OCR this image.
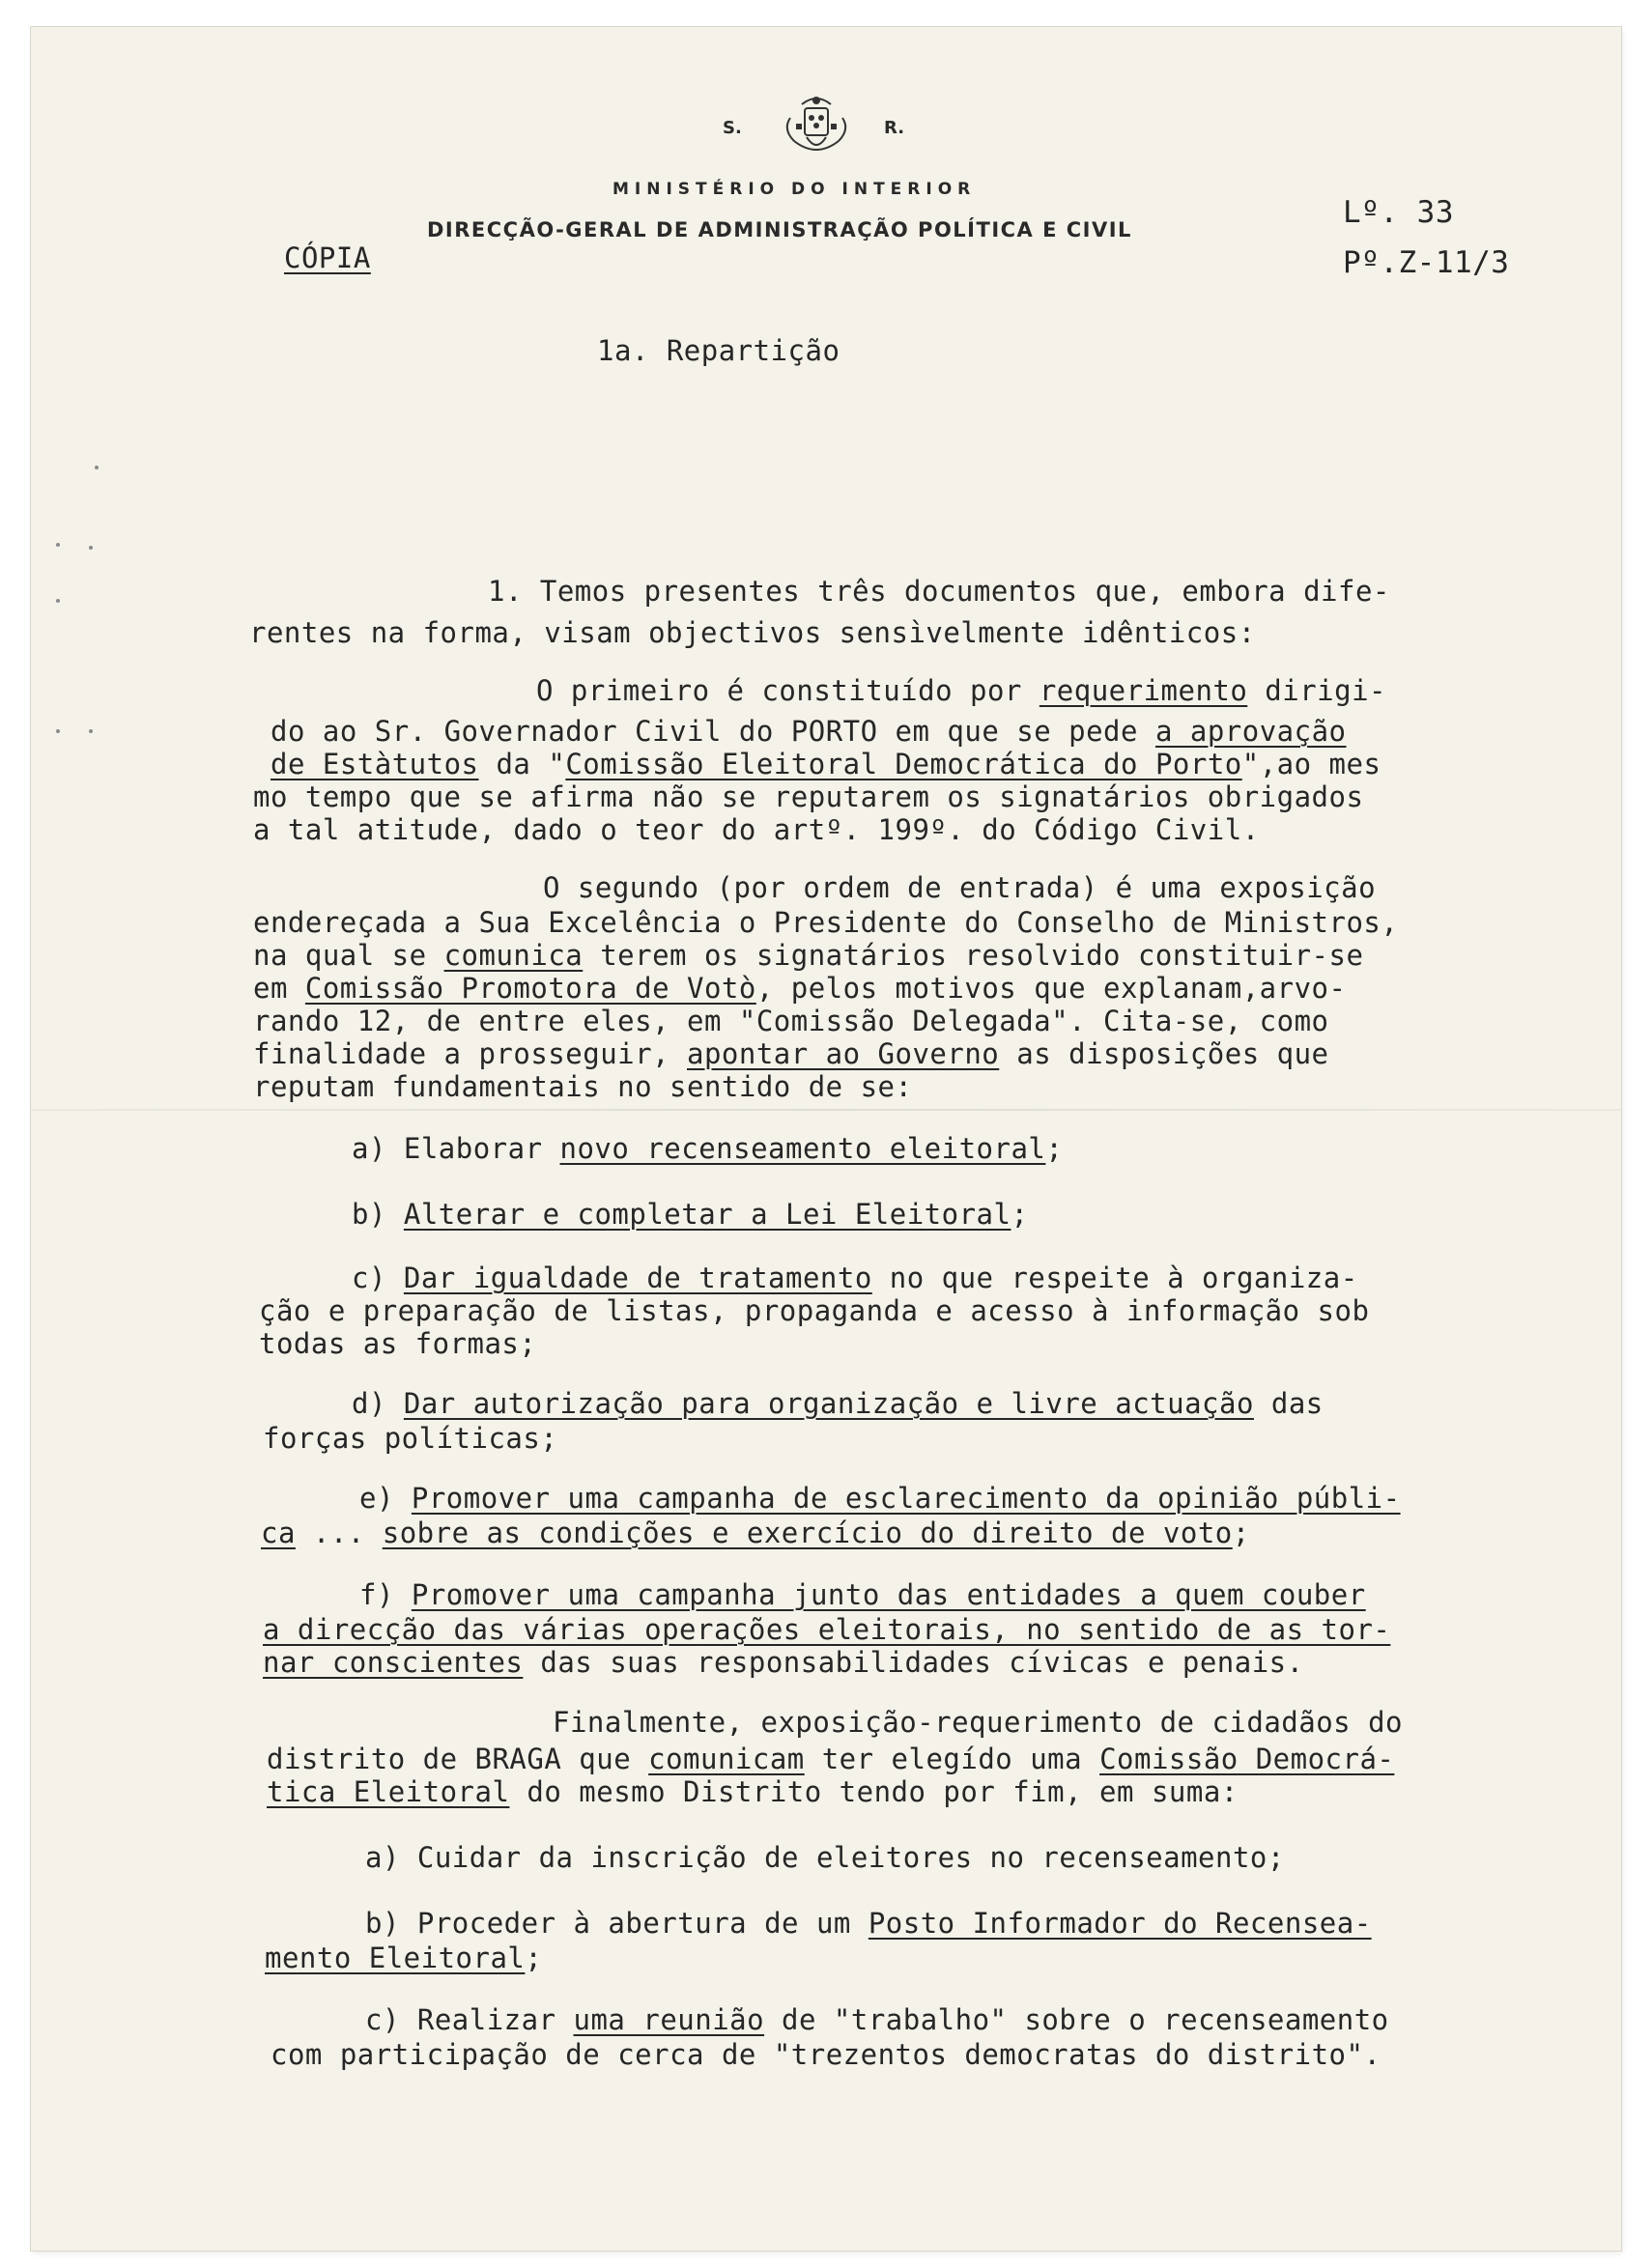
S.	R.
MINISTÉRIO DO INTERIOR
DIRECÇÃO-GERAL DE ADMINISTRAÇÃO POLÍTICA E CIVIL
CÓPIA
Lº. 33
Pº.Z-11/3
1a. Repartição
1. Temos presentes três documentos que, embora dife-
rentes na forma, visam objectivos sensìvelmente idênticos:
O primeiro é constituído por requerimento dirigi-
do ao Sr. Governador Civil do PORTO em que se pede a aprovação
de Estàtutos da "Comissão Eleitoral Democrática do Porto",ao mes
mo tempo que se afirma não se reputarem os signatários obrigados
a tal atitude, dado o teor do artº. 199º. do Código Civil.
O segundo (por ordem de entrada) é uma exposição
endereçada a Sua Excelência o Presidente do Conselho de Ministros,
na qual se comunica terem os signatários resolvido constituir-se
em Comissão Promotora de Votò, pelos motivos que explanam,arvo-
rando 12, de entre eles, em "Comissão Delegada". Cita-se, como
finalidade a prosseguir, apontar ao Governo as disposições que
reputam fundamentais no sentido de se:
a) Elaborar novo recenseamento eleitoral;
b) Alterar e completar a Lei Eleitoral;
c) Dar igualdade de tratamento no que respeite à organiza-
ção e preparação de listas, propaganda e acesso à informação sob
todas as formas;
d) Dar autorização para organização e livre actuação das
forças políticas;
e) Promover uma campanha de esclarecimento da opinião públi-
ca ... sobre as condições e exercício do direito de voto;
f) Promover uma campanha junto das entidades a quem couber
a direcção das várias operações eleitorais, no sentido de as tor-
nar conscientes das suas responsabilidades cívicas e penais.
Finalmente, exposição-requerimento de cidadãos do
distrito de BRAGA que comunicam ter elegído uma Comissão Democrá-
tica Eleitoral do mesmo Distrito tendo por fim, em suma:
a) Cuidar da inscrição de eleitores no recenseamento;
b) Proceder à abertura de um Posto Informador do Recensea-
mento Eleitoral;
c) Realizar uma reunião de "trabalho" sobre o recenseamento
com participação de cerca de "trezentos democratas do distrito".
